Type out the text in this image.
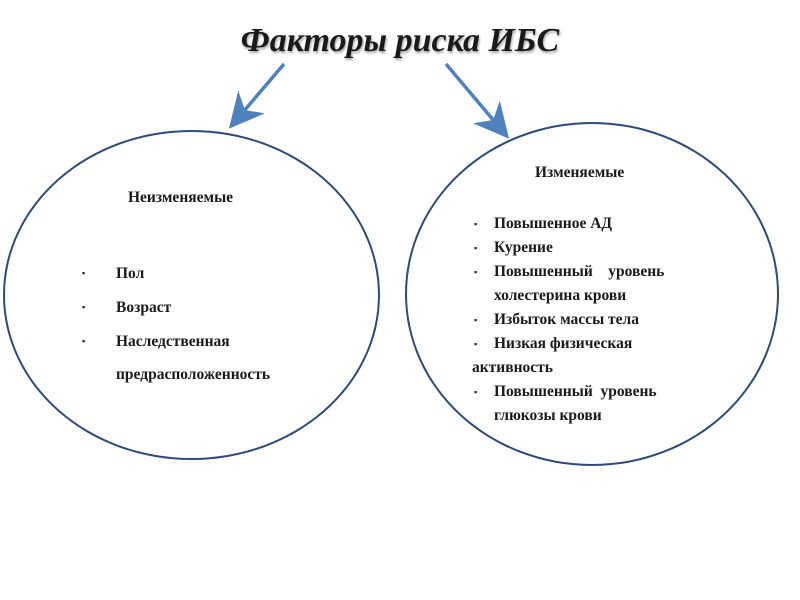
Факторы риска ИБС
Неизменяемые
▪ Пол
▪ Возраст
▪ Наследственная
предрасположенность
Изменяемые
▪ Повышенное АД
▪ Курение
▪ Повышенный    уровень
холестерина крови
▪ Избыток массы тела
▪ Низкая физическая
активность
▪ Повышенный  уровень
глюкозы крови
